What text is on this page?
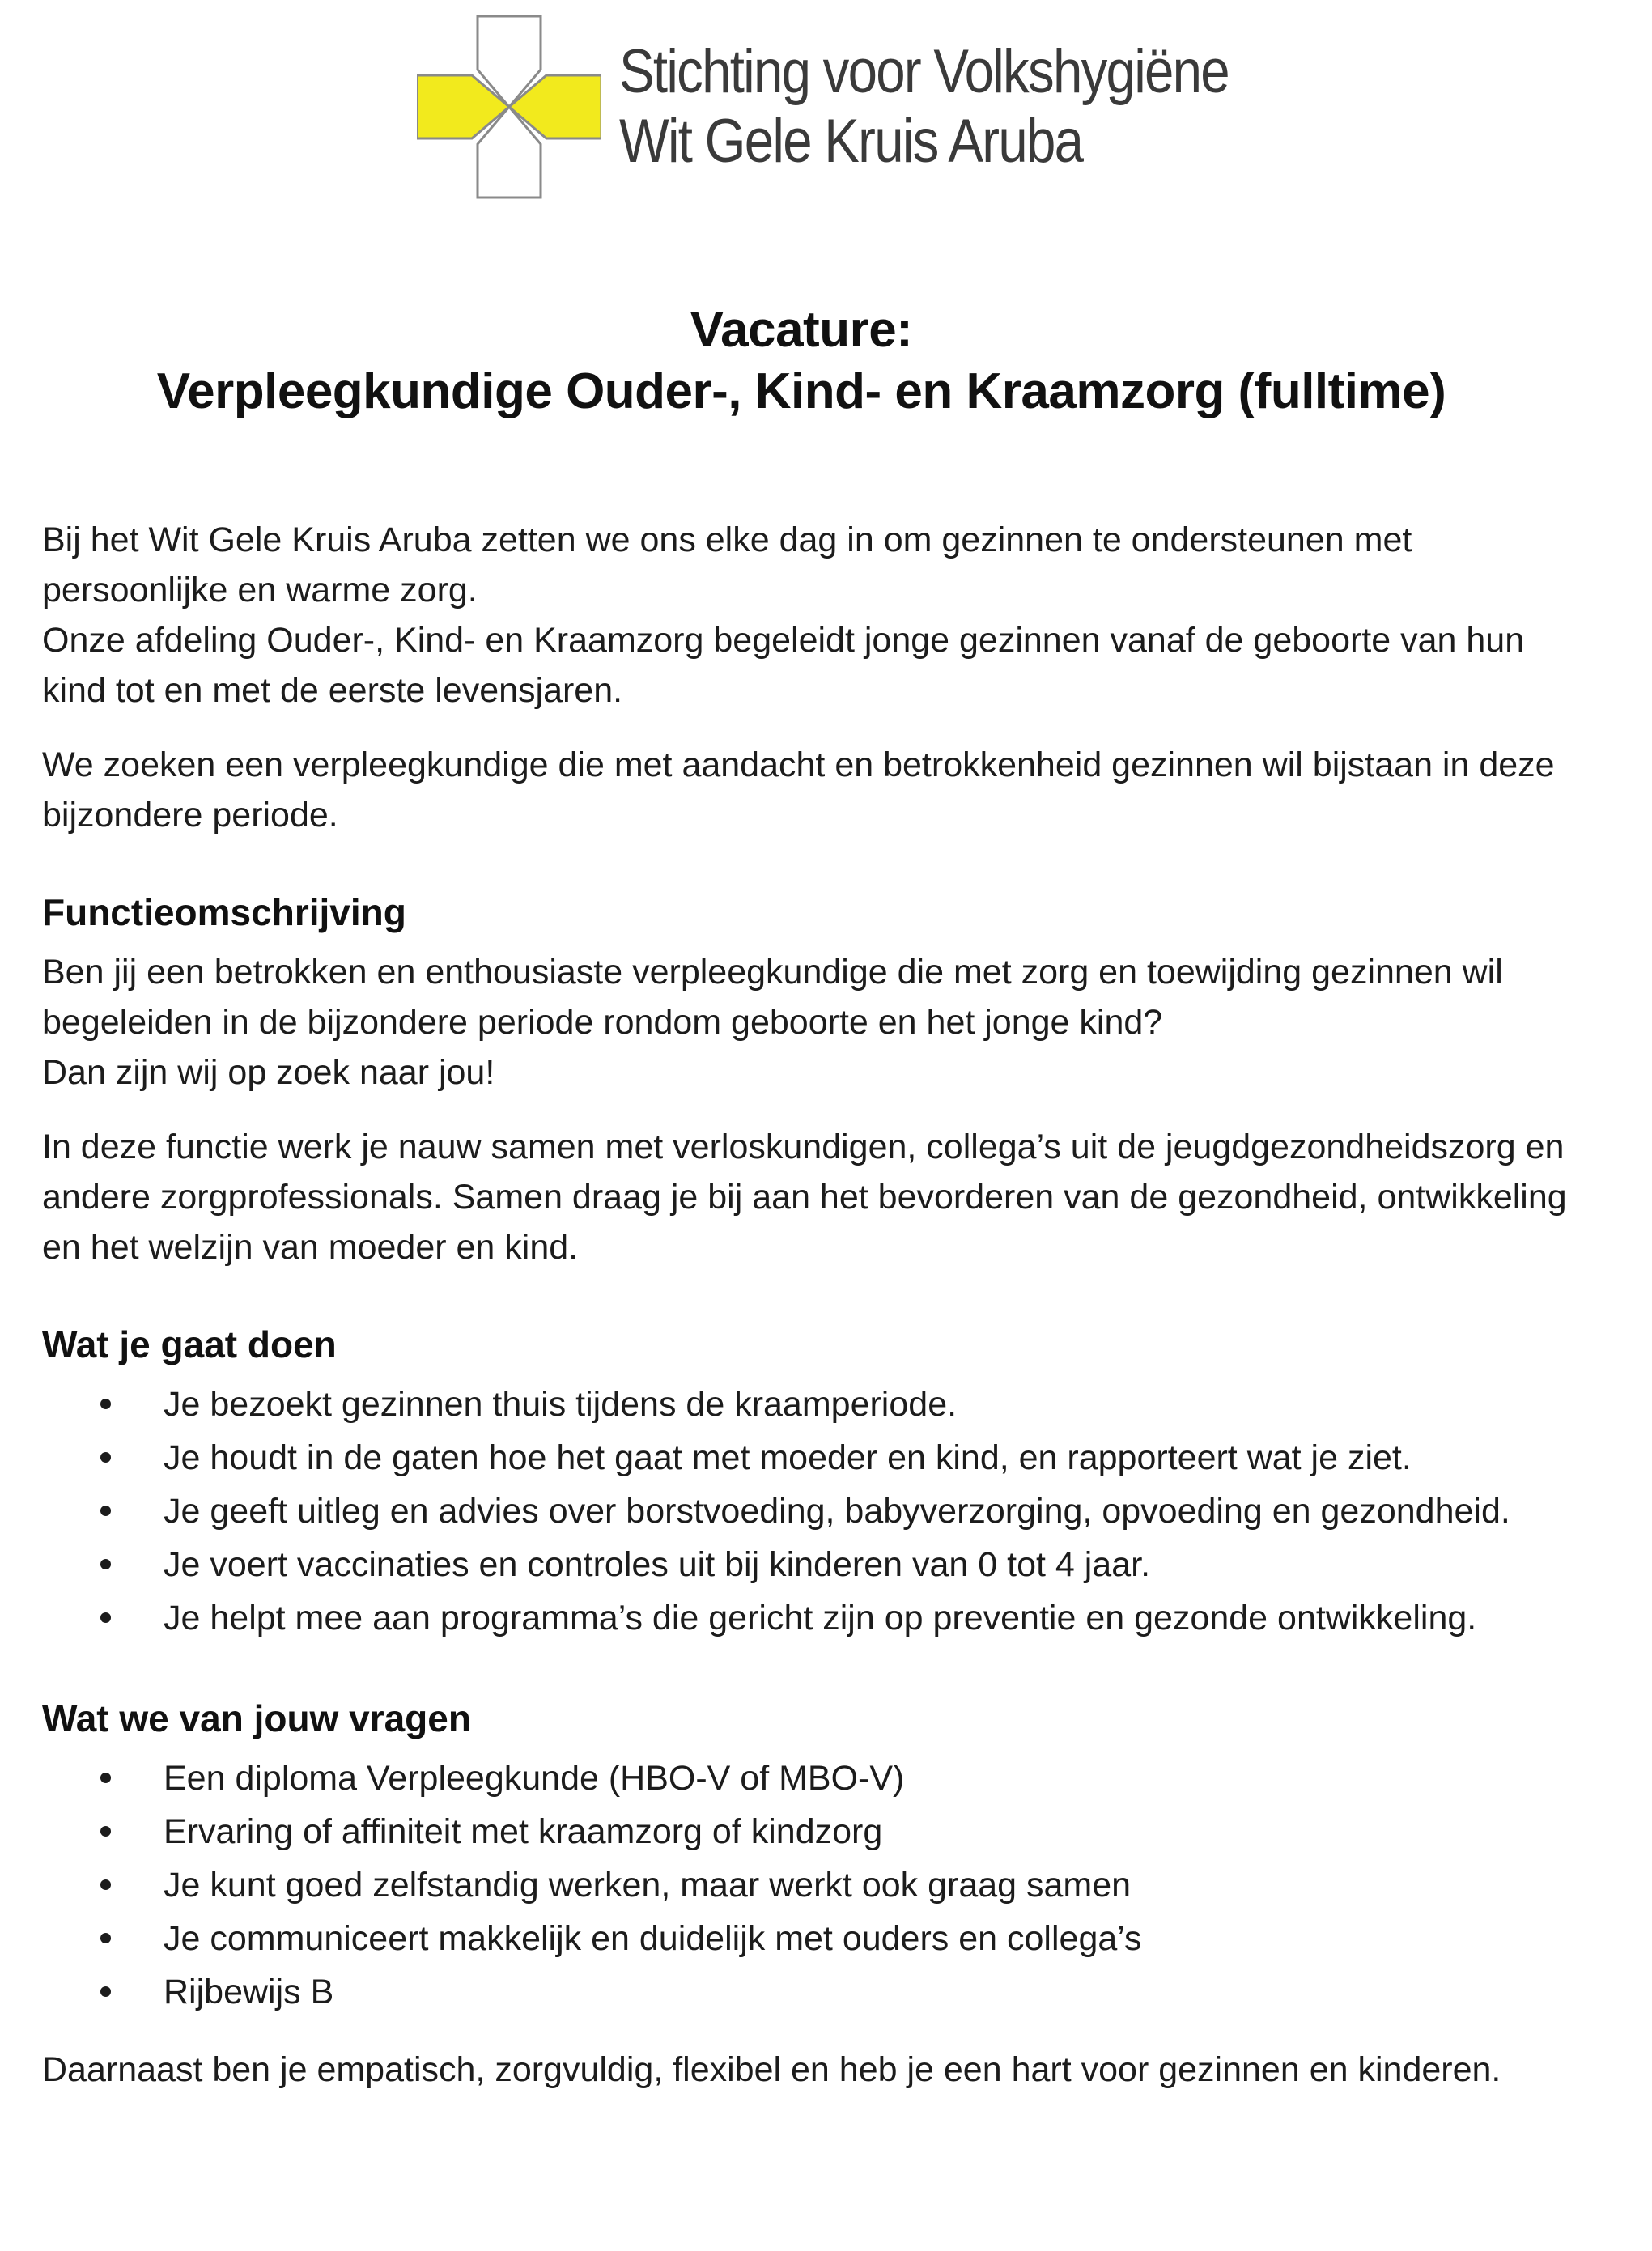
Stichting voor Volkshygiëne
Wit Gele Kruis Aruba
Vacature:
Verpleegkundige Ouder-, Kind- en Kraamzorg (fulltime)

Bij het Wit Gele Kruis Aruba zetten we ons elke dag in om gezinnen te ondersteunen met persoonlijke en warme zorg.

Onze afdeling Ouder-, Kind- en Kraamzorg begeleidt jonge gezinnen vanaf de geboorte van hun kind tot en met de eerste levensjaren.

We zoeken een verpleegkundige die met aandacht en betrokkenheid gezinnen wil bijstaan in deze bijzondere periode.

Functieomschrijving

Ben jij een betrokken en enthousiaste verpleegkundige die met zorg en toewijding gezinnen wil begeleiden in de bijzondere periode rondom geboorte en het jonge kind?

Dan zijn wij op zoek naar jou!

In deze functie werk je nauw samen met verloskundigen, collega’s uit de jeugdgezondheidszorg en andere zorgprofessionals. Samen draag je bij aan het bevorderen van de gezondheid, ontwikkeling en het welzijn van moeder en kind.

Wat je gaat doen
Je bezoekt gezinnen thuis tijdens de kraamperiode.
Je houdt in de gaten hoe het gaat met moeder en kind, en rapporteert wat je ziet.
Je geeft uitleg en advies over borstvoeding, babyverzorging, opvoeding en gezondheid.
Je voert vaccinaties en controles uit bij kinderen van 0 tot 4 jaar.
Je helpt mee aan programma’s die gericht zijn op preventie en gezonde ontwikkeling.
Wat we van jouw vragen
Een diploma Verpleegkunde (HBO-V of MBO-V)
Ervaring of affiniteit met kraamzorg of kindzorg
Je kunt goed zelfstandig werken, maar werkt ook graag samen
Je communiceert makkelijk en duidelijk met ouders en collega’s
Rijbewijs B

Daarnaast ben je empatisch, zorgvuldig, flexibel en heb je een hart voor gezinnen en kinderen.
